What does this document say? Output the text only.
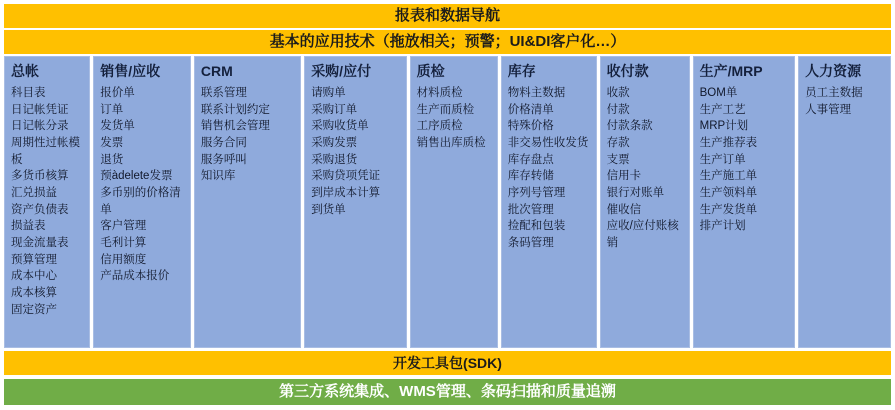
报表和数据导航
基本的应用技术（拖放相关；预警；UI&DI客户化…）
总帐
科目表
日记帐凭证
日记帐分录
周期性过帐模板
多货币核算
汇兑损益
资产负债表
损益表
现金流量表
预算管理
成本中心
成本核算
固定资产
销售/应收
报价单
订单
发货单
发票
退货
预àdelete发票
多币别的价格清单
客户管理
毛利计算
信用额度
产品成本报价
CRM
联系管理
联系计划约定
销售机会管理
服务合同
服务呼叫
知识库
采购/应付
请购单
采购订单
采购收货单
采购发票
采购退货
采购贷项凭证
到岸成本计算
到货单
质检
材料质检
生产而质检
工序质检
销售出库质检
库存
物料主数据
价格清单
特殊价格
非交易性收发货
库存盘点
库存转储
序列号管理
批次管理
捡配和包装
条码管理
收付款
收款
付款
付款条款
存款
支票
信用卡
银行对账单
催收信
应收/应付账核销
生产/MRP
BOM单
生产工艺
MRP计划
生产推荐表
生产订单
生产施工单
生产领料单
生产发货单
排产计划
人力资源
员工主数据
人事管理
开发工具包(SDK)
第三方系统集成、WMS管理、条码扫描和质量追溯
